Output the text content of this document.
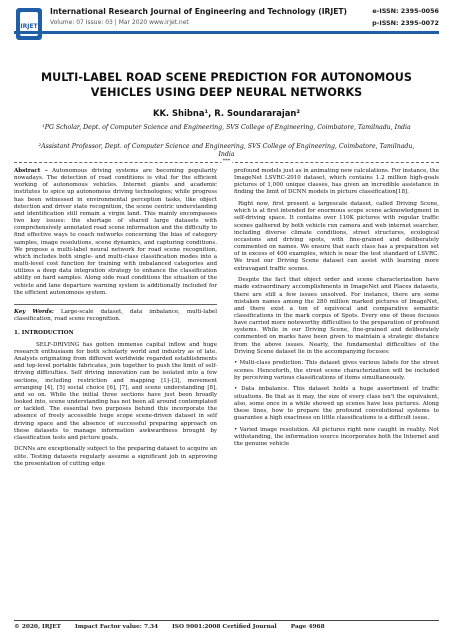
IRJET
International Research Journal of Engineering and Technology (IRJET)
Volume: 07 Issue: 03 | Mar 2020 www.irjet.net
e-ISSN: 2395-0056
p-ISSN: 2395-0072
MULTI-LABEL ROAD SCENE PREDICTION FOR AUTONOMOUS VEHICLES USING DEEP NEURAL NETWORKS
KK. Shibna¹, R. Soundararajan²
¹PG Scholar, Dept. of Computer Science and Engineering, SVS College of Engineering, Coimbatore, Tamilnadu, India
²Assistant Professor, Dept. of Computer Science and Engineering, SVS College of Engineering, Coimbatore, Tamilnadu, India
***

Abstract – Autonomous driving systems are becoming popularity nowadays. The detection of road conditions is vital for the efficient working of autonomous vehicles. Internet giants and academic institutes to spice up autonomous driving technologies; while progress has been witnessed in environmental perception tasks, like object detection and driver state recognition, the scene centric understanding and identification still remain a virgin land. This mainly encompasses two key issues: the shortage of shared large datasets with comprehensively annotated road scene information and the difficulty to find effective ways to coach networks concerning the bias of category samples, image resolutions, scene dynamics, and capturing conditions. We propose a multi-label neural network for road scene recognition, which includes both single- and multi-class classification modes into a multi-level cost function for training with imbalanced categories and utilizes a deep data integration strategy to enhance the classification ability on hard samples. Along side road conditions the situation of the vehicle and lane departure warning system is additionally included for the efficient autonomous system.

Key Words: Large-scale dataset, data imbalance, multi-label classification, road scene recognition.

1. INTRODUCTION

SELF-DRIVING has gotten immense capital inflow and huge research enthusiasm for both scholarly world and industry as of late. Analysts originating from different worldwide regarded establishments and top-level portable fabricates, join together to push the limit of self-driving difficulties. Self driving innovation can be isolated into a few sections, including restriction and mapping [1]–[3], movement arranging [4], [5] social choice [6], [7], and scene understanding [8], and so on. While the initial three sections have just been broadly looked into, scene understanding has not been all around contemplated or tackled. The essential two purposes behind this incorporate the absence of freely accessible huge scope scene-driven dataset in self driving space and the absence of successful preparing approach on these datasets to manage information awkwardness brought by classification tests and picture goals.

DCNNs are exceptionally subject to the preparing dataset to acquire an elite. Testing datasets regularly assume a significant job in approving the presentation of cutting edge

profound models just as in animating new calculations. For instance, the ImageNet LSVRC-2010 dataset, which contains 1.2 million high-goals pictures of 1,000 unique classes, has given an incredible assistance in finding the limit of DCNN models in picture classification[18].

Right now, first present a largescale dataset, called Driving Scene, which is at first intended for enormous scope scene acknowledgment in self-driving space. It contains over 110K pictures with regular traffic scenes gathered by both vehicle run camera and web internet searcher, including diverse climate conditions, street structures, ecological occasions and driving spots, with fine-grained and deliberately commented on names. We ensure that each class has a preparation set of in excess of 400 examples, which is near the test standard of LSVRC. We trust our Driving Scene dataset can assist with learning more extravagant traffic scenes.

Despite the fact that object order and scene characterization have made extraordinary accomplishments in ImageNet and Places datasets, there are still a few issues unsolved. For instance, there are some mistaken names among the 280 million marked pictures of ImageNet, and there exist a ton of equivocal and comparative semantic classifications in the mark corpus of Spots. Every one of these focuses have carried more noteworthy difficulties to the preparation of profound systems. While in our Driving Scene, fine-grained and deliberately commented on marks have been given to maintain a strategic distance from the above issues. Nearly, the fundamental difficulties of the Driving Scene dataset lie in the accompanying focuses:

• Multi-class prediction. This dataset gives various labels for the street scenes. Henceforth, the street scene characterization will be included by perceiving various classifications of items simultaneously.

• Data imbalance. This dataset holds a huge assortment of traffic situations. Be that as it may, the size of every class isn't the equivalent, also, some once in a while showed up scenes have less pictures. Along these lines, how to prepare the profound convolutional systems to guarantee a high exactness on little classifications is a difficult issue.

• Varied image resolution. All pictures right now caught in reality. Not withstanding, the information source incorporates both the Internet and the genuine vehicle

© 2020, IRJET Impact Factor value: 7.34 ISO 9001:2008 Certified Journal Page 4968
